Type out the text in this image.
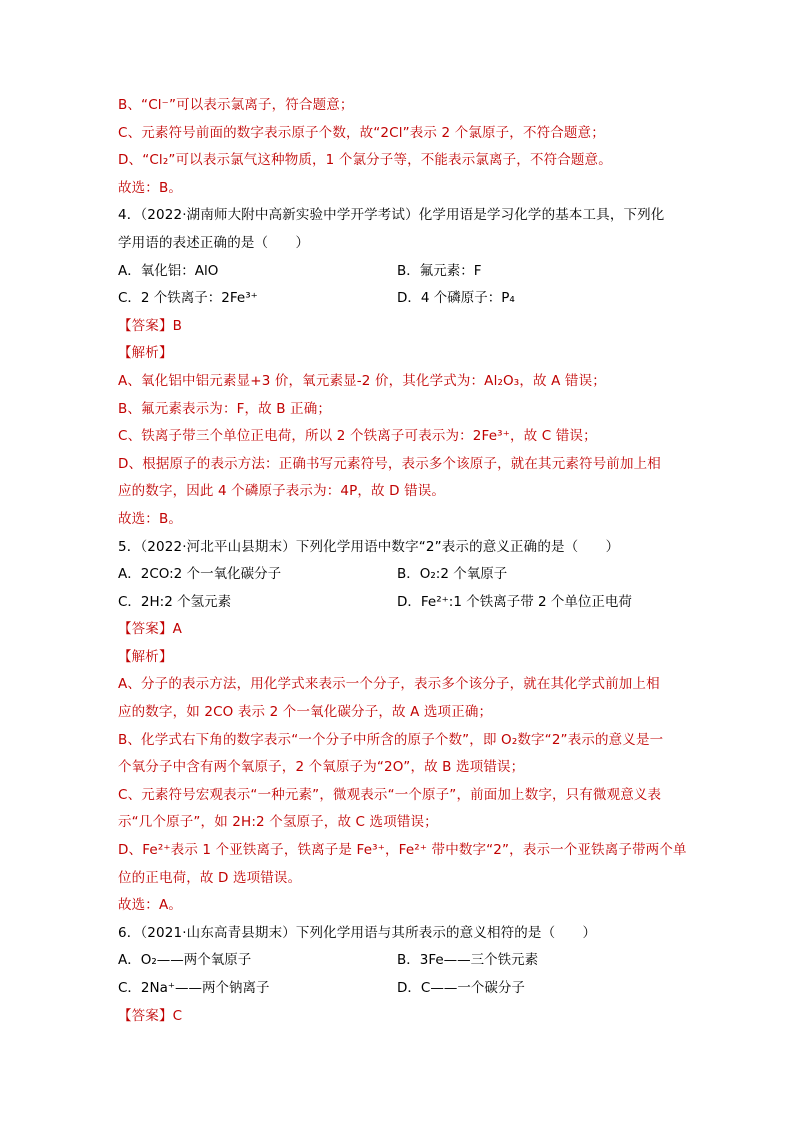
B、“Cl⁻”可以表示氯离子，符合题意；
C、元素符号前面的数字表示原子个数，故“2Cl”表示 2 个氯原子，不符合题意；
D、“Cl₂”可以表示氯气这种物质，1 个氯分子等，不能表示氯离子，不符合题意。
故选：B。
4．（2022·湖南师大附中高新实验中学开学考试）化学用语是学习化学的基本工具，下列化
学用语的表述正确的是（　　）
A．氧化铝：AlO	B．氟元素：F
C．2 个铁离子：2Fe³⁺	D．4 个磷原子：P₄
【答案】B
【解析】
A、氧化铝中铝元素显+3 价，氧元素显-2 价，其化学式为：Al₂O₃，故 A 错误；
B、氟元素表示为：F，故 B 正确；
C、铁离子带三个单位正电荷，所以 2 个铁离子可表示为：2Fe³⁺，故 C 错误；
D、根据原子的表示方法：正确书写元素符号，表示多个该原子，就在其元素符号前加上相
应的数字，因此 4 个磷原子表示为：4P，故 D 错误。
故选：B。
5．（2022·河北平山县期末）下列化学用语中数字“2”表示的意义正确的是（　　）
A．2CO:2 个一氧化碳分子	B．O₂:2 个氧原子
C．2H:2 个氢元素	D．Fe²⁺:1 个铁离子带 2 个单位正电荷
【答案】A
【解析】
A、分子的表示方法，用化学式来表示一个分子，表示多个该分子，就在其化学式前加上相
应的数字，如 2CO 表示 2 个一氧化碳分子，故 A 选项正确；
B、化学式右下角的数字表示“一个分子中所含的原子个数”，即 O₂数字“2”表示的意义是一
个氧分子中含有两个氧原子，2 个氧原子为“2O”，故 B 选项错误；
C、元素符号宏观表示“一种元素”，微观表示“一个原子”，前面加上数字，只有微观意义表
示“几个原子”，如 2H:2 个氢原子，故 C 选项错误；
D、Fe²⁺表示 1 个亚铁离子，铁离子是 Fe³⁺，Fe²⁺ 带中数字“2”，表示一个亚铁离子带两个单
位的正电荷，故 D 选项错误。
故选：A。
6．（2021·山东高青县期末）下列化学用语与其所表示的意义相符的是（　　）
A．O₂——两个氧原子	B．3Fe——三个铁元素
C．2Na⁺——两个钠离子	D．C——一个碳分子
【答案】C
